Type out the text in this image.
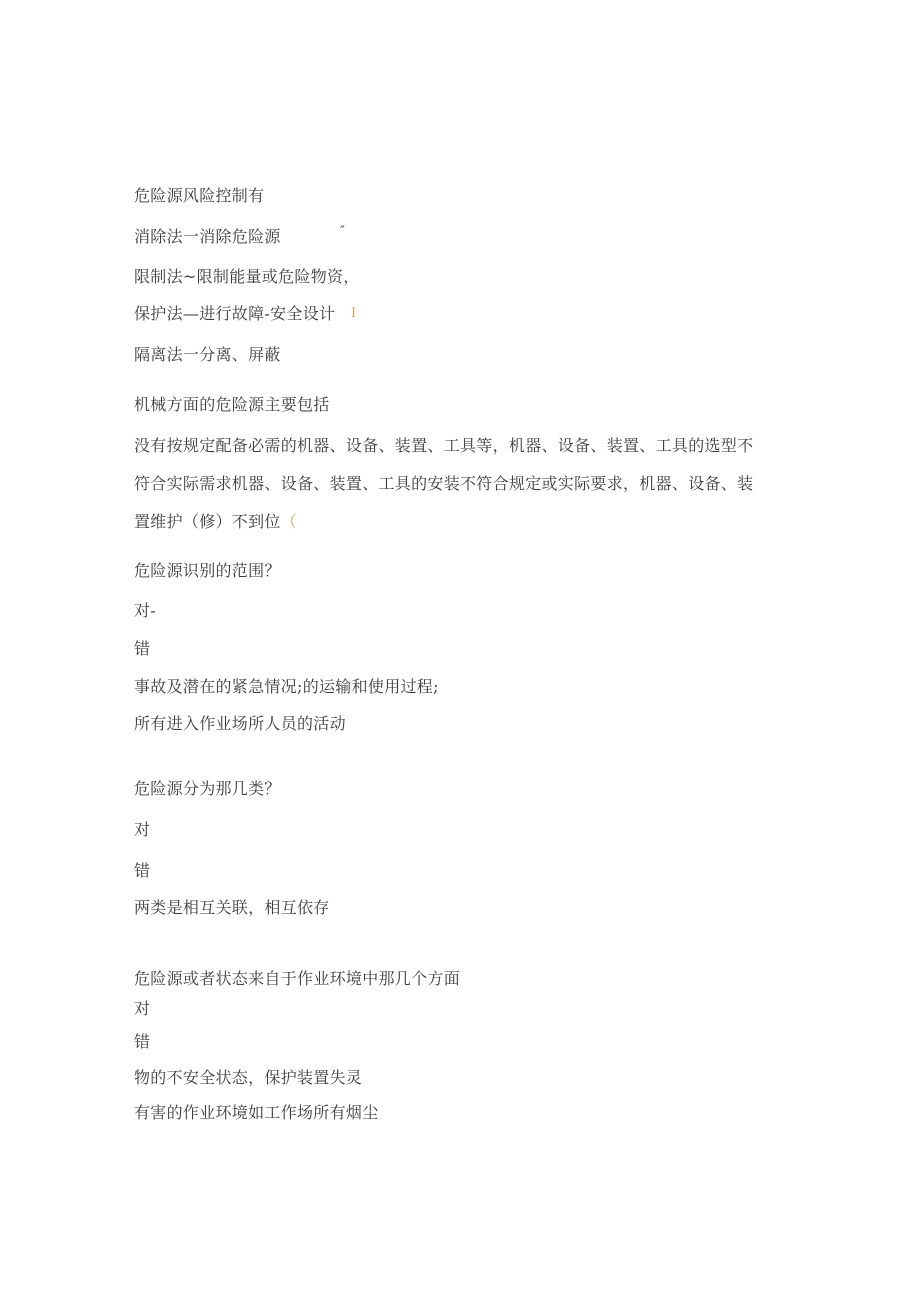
危险源风险控制有
消除法一消除危险源	″
限制法~限制能量或危险物资，
保护法—进行故障-安全设计 I
隔离法一分离、屏蔽
机械方面的危险源主要包括
没有按规定配备必需的机器、设备、装置、工具等，机器、设备、装置、工具的选型不
符合实际需求机器、设备、装置、工具的安装不符合规定或实际要求，机器、设备、装
置维护（修）不到位（
危险源识别的范围？
对-
错
事故及潜在的紧急情况;的运输和使用过程;
所有进入作业场所人员的活动
危险源分为那几类？
对
错
两类是相互关联，相互依存
危险源或者状态来自于作业环境中那几个方面
对
错
物的不安全状态，保护装置失灵
有害的作业环境如工作场所有烟尘
